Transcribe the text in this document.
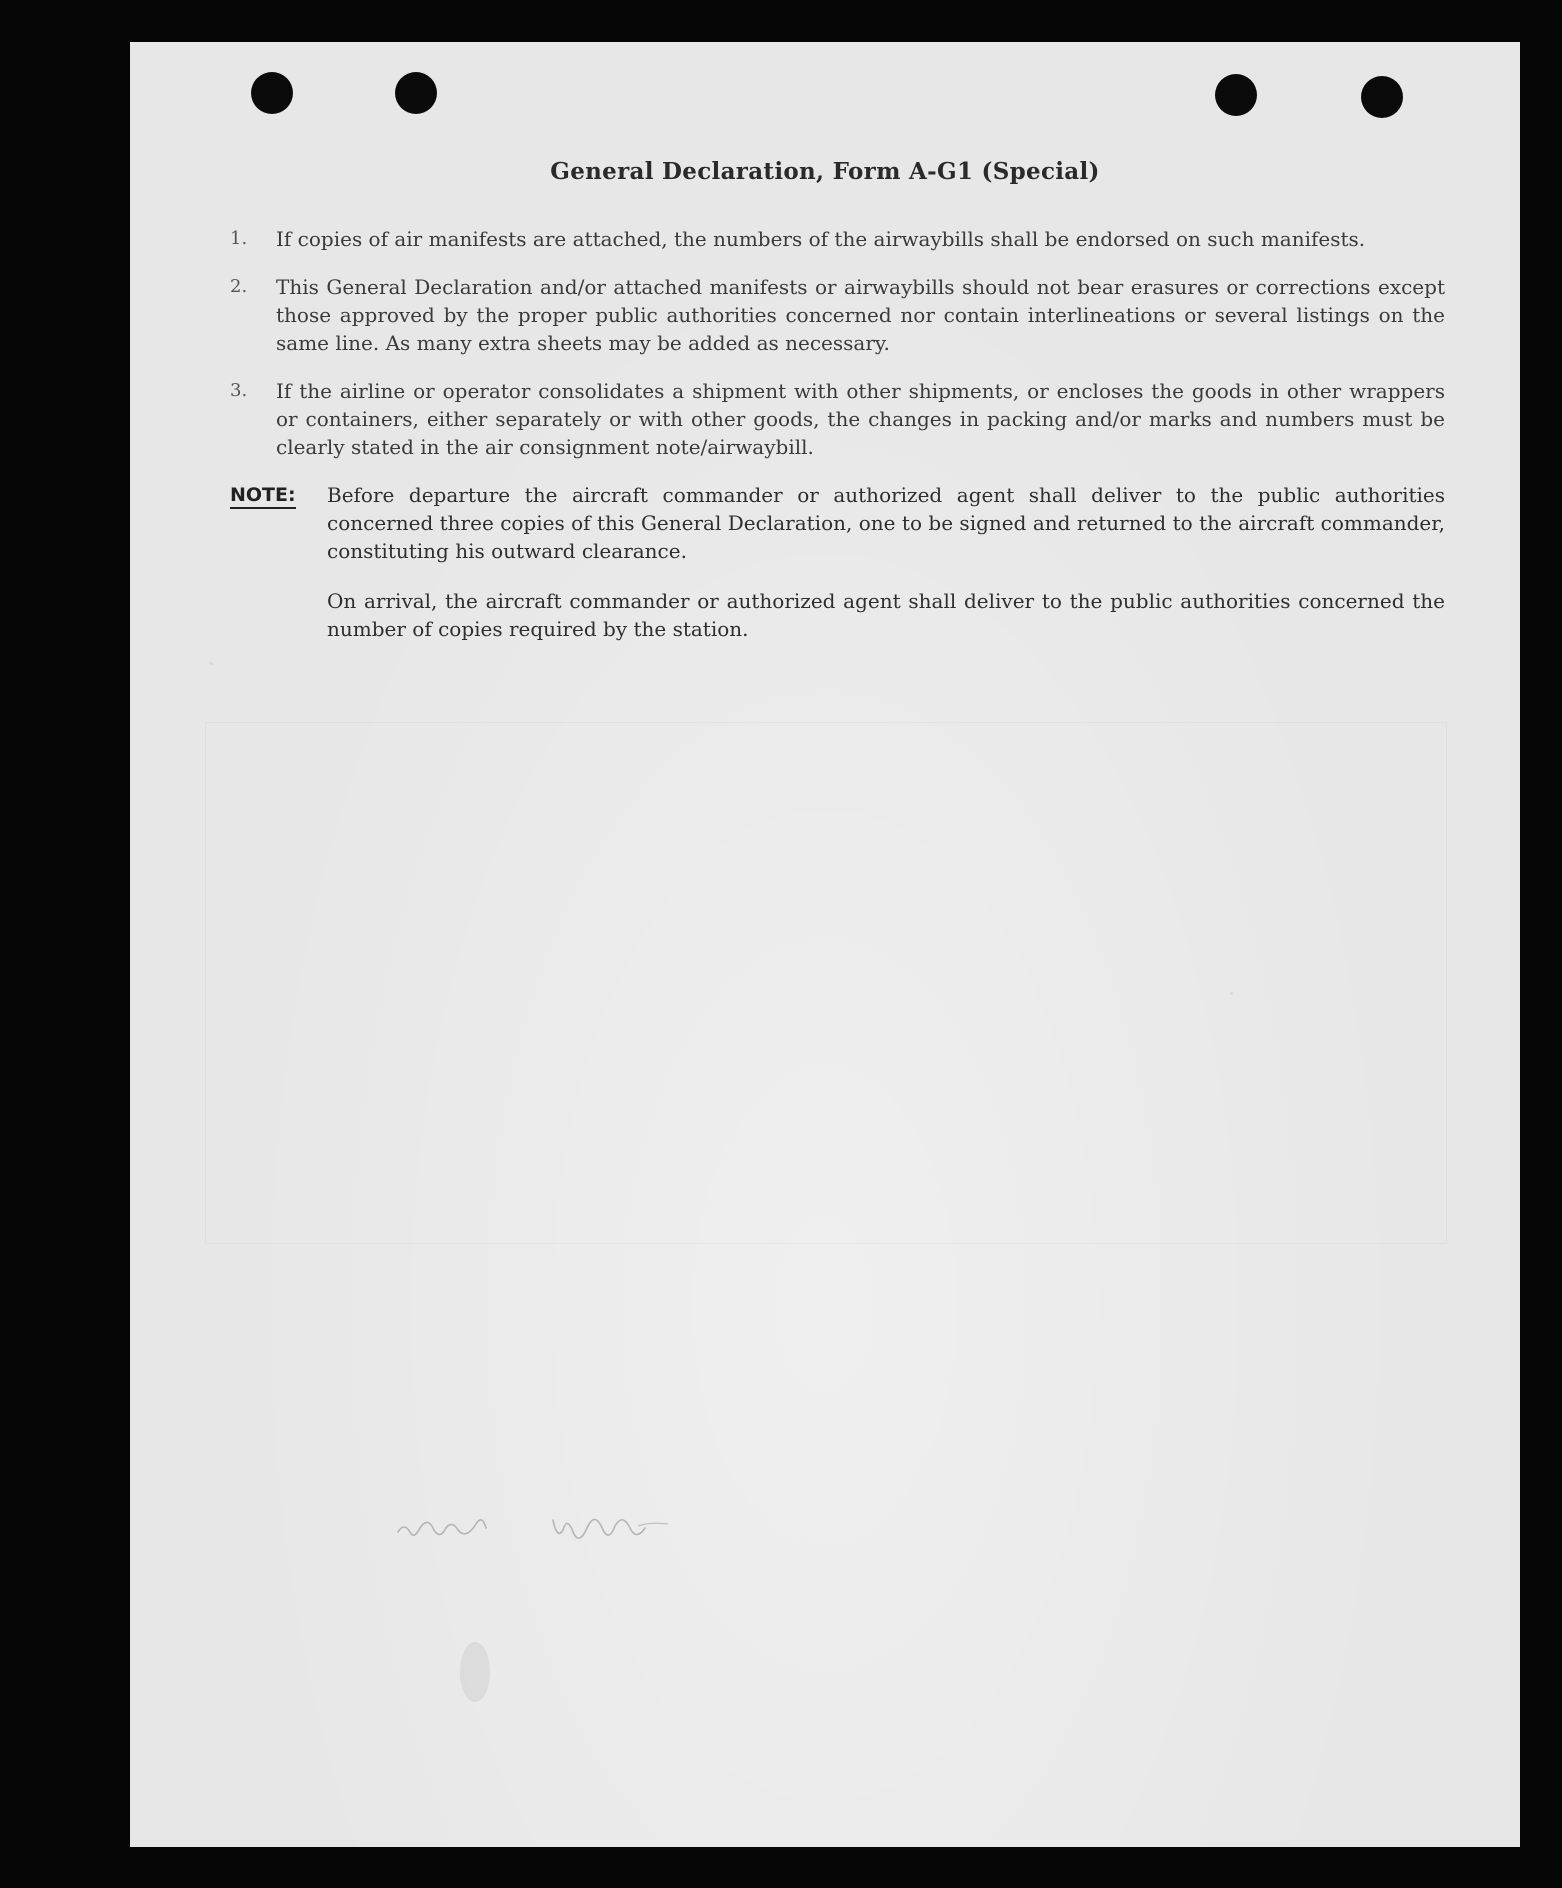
General Declaration, Form A-G1 (Special)
1.	If copies of air manifests are attached, the numbers of the airwaybills shall be endorsed on such manifests.
2.	This General Declaration and/or attached manifests or airwaybills should not bear erasures or corrections except those approved by the proper public authorities concerned nor contain interlineations or several listings on the same line. As many extra sheets may be added as necessary.
3.	If the airline or operator consolidates a shipment with other shipments, or encloses the goods in other wrappers or containers, either separately or with other goods, the changes in packing and/or marks and numbers must be clearly stated in the air consignment note/airwaybill.
NOTE:	Before departure the aircraft commander or authorized agent shall deliver to the public authorities concerned three copies of this General Declaration, one to be signed and returned to the aircraft commander, constituting his outward clearance.

On arrival, the aircraft commander or authorized agent shall deliver to the public authorities concerned the number of copies required by the station.
